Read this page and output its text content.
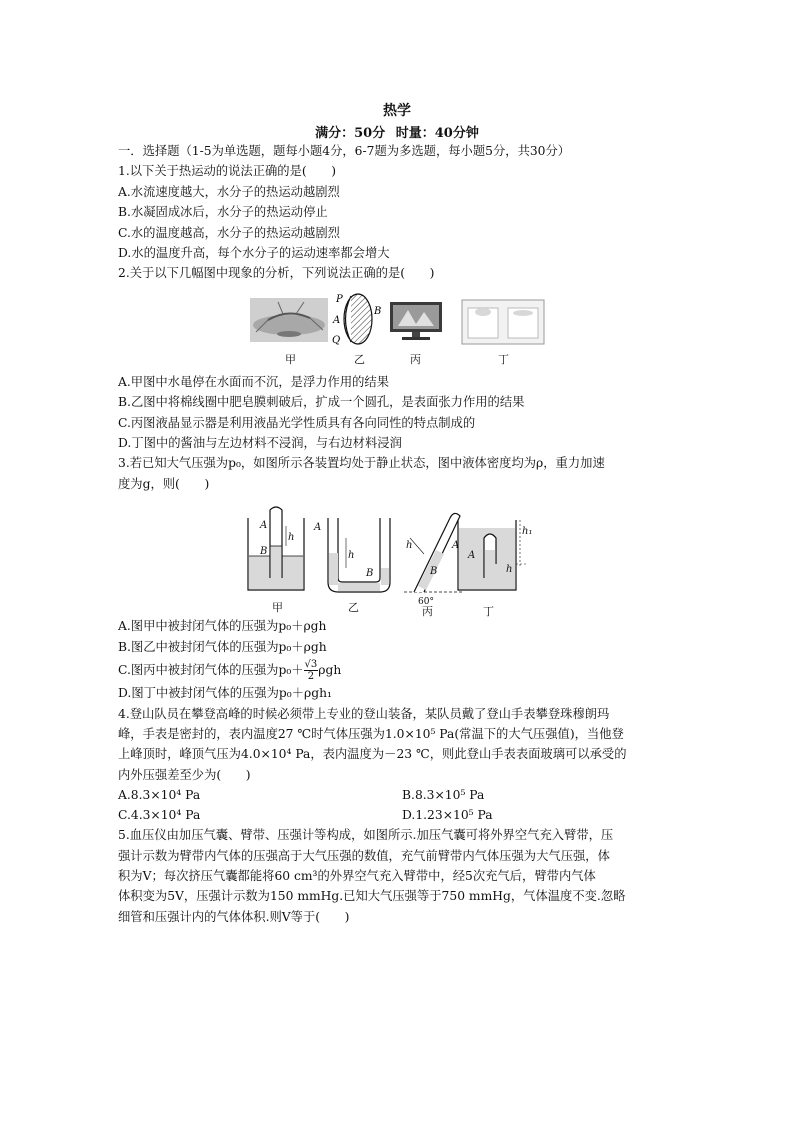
热学
满分：50分 时量：40分钟
一．选择题（1-5为单选题，题每小题4分，6-7题为多选题，每小题5分，共30分）
1.以下关于热运动的说法正确的是(　　)
A.水流速度越大，水分子的热运动越剧烈
B.水凝固成冰后，水分子的热运动停止
C.水的温度越高，水分子的热运动越剧烈
D.水的温度升高，每个水分子的运动速率都会增大
2.关于以下几幅图中现象的分析，下列说法正确的是(　　)
P
Q
A
B
甲	乙	丙	丁
A.甲图中水黾停在水面而不沉，是浮力作用的结果
B.乙图中将棉线圈中肥皂膜刺破后，扩成一个圆孔，是表面张力作用的结果
C.丙图液晶显示器是利用液晶光学性质具有各向同性的特点制成的
D.丁图中的酱油与左边材料不浸润，与右边材料浸润
3.若已知大气压强为p₀，如图所示各装置均处于静止状态，图中液体密度均为ρ，重力加速
度为g，则(　　)
A
B
h
A
h
B
h	A
B
60°
A
h₁
h
甲	乙	丙	丁
A.图甲中被封闭气体的压强为p₀＋ρgh
B.图乙中被封闭气体的压强为p₀＋ρgh
C.图丙中被封闭气体的压强为$p_0+ \frac{√3}{2}$ ρgh
D.图丁中被封闭气体的压强为p₀＋ρgh₁
4.登山队员在攀登高峰的时候必须带上专业的登山装备，某队员戴了登山手表攀登珠穆朗玛
峰，手表是密封的，表内温度27 ℃时气体压强为1.0×10⁵ Pa(常温下的大气压强值)，当他登
上峰顶时，峰顶气压为4.0×10⁴ Pa，表内温度为－23 ℃，则此登山手表表面玻璃可以承受的
内外压强差至少为(　　)
A.8.3×10⁴ Pa	B.8.3×10⁵ Pa
C.4.3×10⁴ Pa	D.1.23×10⁵ Pa
5.血压仪由加压气囊、臂带、压强计等构成，如图所示.加压气囊可将外界空气充入臂带，压
强计示数为臂带内气体的压强高于大气压强的数值，充气前臂带内气体压强为大气压强，体
积为V；每次挤压气囊都能将60 cm³的外界空气充入臂带中，经5次充气后，臂带内气体
体积变为5V，压强计示数为150 mmHg.已知大气压强等于750 mmHg，气体温度不变.忽略
细管和压强计内的气体体积.则V等于(　　)
